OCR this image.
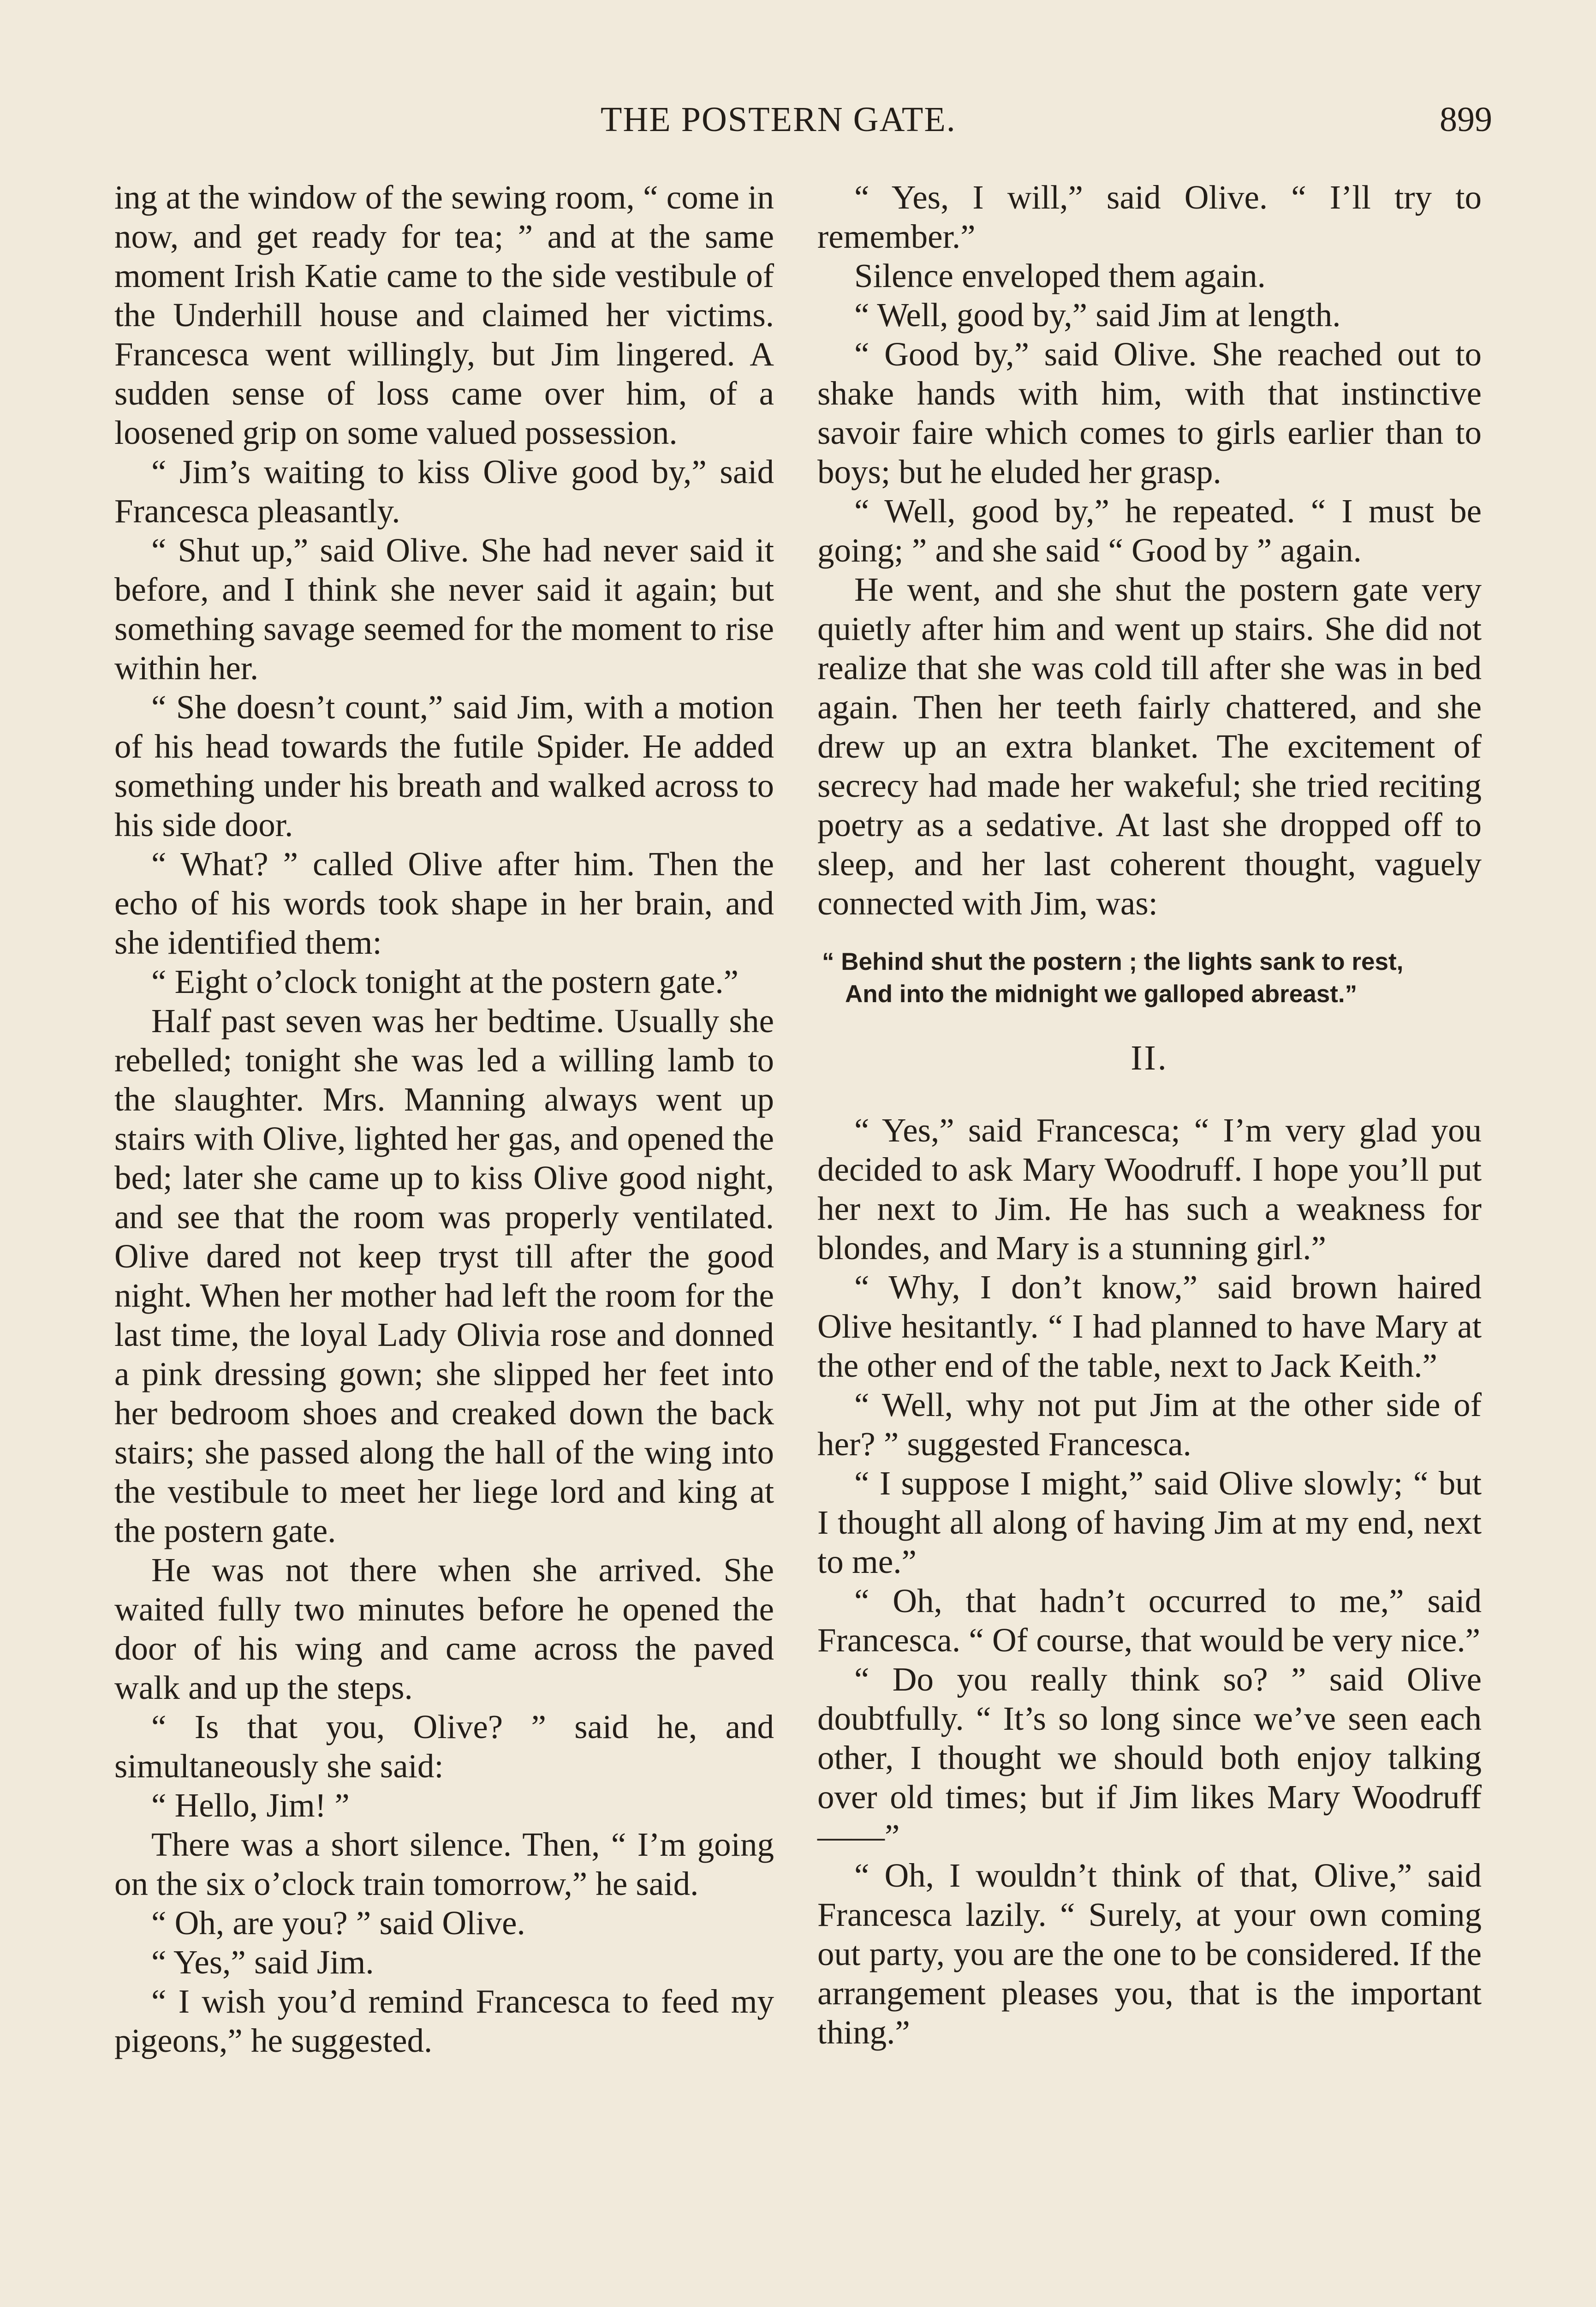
THE POSTERN GATE.	899

ing at the window of the sewing room, “ come in now, and get ready for tea; ” and at the same moment Irish Katie came to the side vestibule of the Underhill house and claimed her victims. Francesca went willingly, but Jim lingered. A sudden sense of loss came over him, of a loosened grip on some valued possession.

“ Jim’s waiting to kiss Olive good by,” said Francesca pleasantly.

“ Shut up,” said Olive. She had never said it before, and I think she never said it again; but something savage seemed for the moment to rise within her.

“ She doesn’t count,” said Jim, with a motion of his head towards the futile Spider. He added something under his breath and walked across to his side door.

“ What? ” called Olive after him. Then the echo of his words took shape in her brain, and she identified them:

“ Eight o’clock tonight at the postern gate.”

Half past seven was her bedtime. Usually she rebelled; tonight she was led a willing lamb to the slaughter. Mrs. Manning always went up stairs with Olive, lighted her gas, and opened the bed; later she came up to kiss Olive good night, and see that the room was properly ventilated. Olive dared not keep tryst till after the good night. When her mother had left the room for the last time, the loyal Lady Olivia rose and donned a pink dressing gown; she slipped her feet into her bedroom shoes and creaked down the back stairs; she passed along the hall of the wing into the vestibule to meet her liege lord and king at the postern gate.

He was not there when she arrived. She waited fully two minutes before he opened the door of his wing and came across the paved walk and up the steps.

“ Is that you, Olive? ” said he, and simultaneously she said:

“ Hello, Jim! ”

There was a short silence. Then, “ I’m going on the six o’clock train tomorrow,” he said.

“ Oh, are you? ” said Olive.

“ Yes,” said Jim.

“ I wish you’d remind Francesca to feed my pigeons,” he suggested.

“ Yes, I will,” said Olive. “ I’ll try to remember.”

Silence enveloped them again.

“ Well, good by,” said Jim at length.

“ Good by,” said Olive. She reached out to shake hands with him, with that instinctive savoir faire which comes to girls earlier than to boys; but he eluded her grasp.

“ Well, good by,” he repeated. “ I must be going; ” and she said “ Good by ” again.

He went, and she shut the postern gate very quietly after him and went up stairs. She did not realize that she was cold till after she was in bed again. Then her teeth fairly chattered, and she drew up an extra blanket. The excitement of secrecy had made her wakeful; she tried reciting poetry as a sedative. At last she dropped off to sleep, and her last coherent thought, vaguely connected with Jim, was:

“ Behind shut the postern ; the lights sank to rest,
And into the midnight we galloped abreast.”
II.

“ Yes,” said Francesca; “ I’m very glad you decided to ask Mary Woodruff. I hope you’ll put her next to Jim. He has such a weakness for blondes, and Mary is a stunning girl.”

“ Why, I don’t know,” said brown haired Olive hesitantly. “ I had planned to have Mary at the other end of the table, next to Jack Keith.”

“ Well, why not put Jim at the other side of her? ” suggested Francesca.

“ I suppose I might,” said Olive slowly; “ but I thought all along of having Jim at my end, next to me.”

“ Oh, that hadn’t occurred to me,” said Francesca. “ Of course, that would be very nice.”

“ Do you really think so? ” said Olive doubtfully. “ It’s so long since we’ve seen each other, I thought we should both enjoy talking over old times; but if Jim likes Mary Woodruff——”

“ Oh, I wouldn’t think of that, Olive,” said Francesca lazily. “ Surely, at your own coming out party, you are the one to be considered. If the arrangement pleases you, that is the important thing.”
